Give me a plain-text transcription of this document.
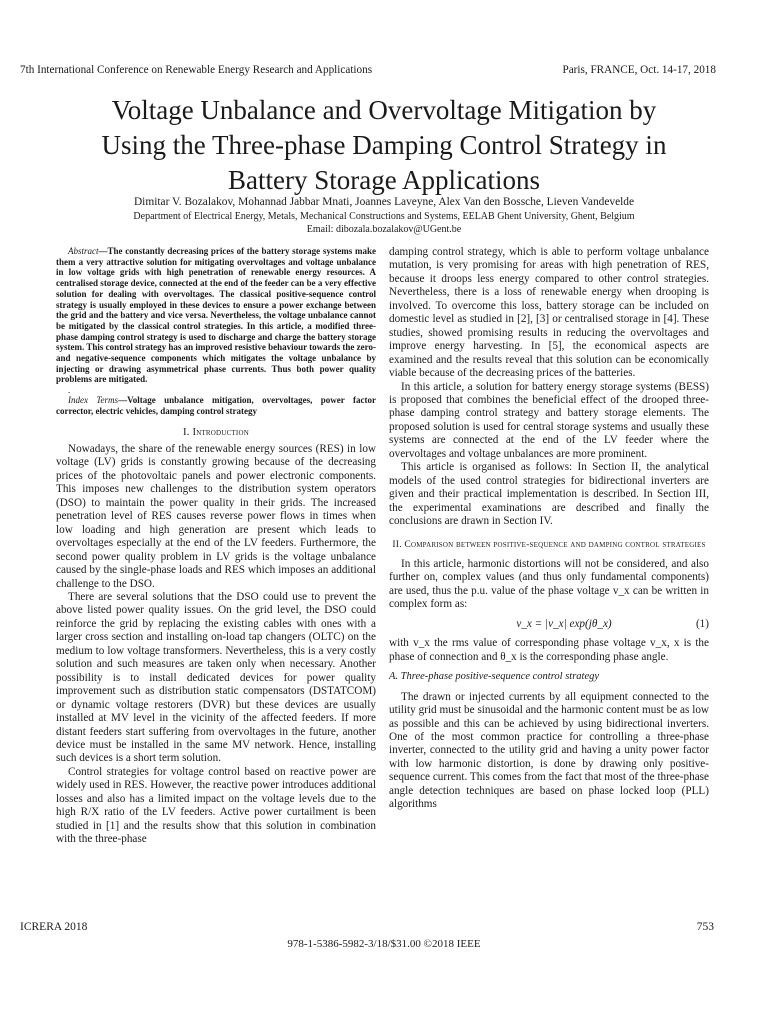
7th International Conference on Renewable Energy Research and Applications	Paris, FRANCE, Oct. 14-17, 2018
Voltage Unbalance and Overvoltage Mitigation by
Using the Three-phase Damping Control Strategy in
Battery Storage Applications
Dimitar V. Bozalakov, Mohannad Jabbar Mnati, Joannes Laveyne, Alex Van den Bossche, Lieven Vandevelde
Department of Electrical Energy, Metals, Mechanical Constructions and Systems, EELAB Ghent University, Ghent, Belgium
Email: dibozala.bozalakov@UGent.be

Abstract—The constantly decreasing prices of the battery storage systems make them a very attractive solution for mitigating overvoltages and voltage unbalance in low voltage grids with high penetration of renewable energy resources. A centralised storage device, connected at the end of the feeder can be a very effective solution for dealing with overvoltages. The classical positive-sequence control strategy is usually employed in these devices to ensure a power exchange between the grid and the battery and vice versa. Nevertheless, the voltage unbalance cannot be mitigated by the classical control strategies. In this article, a modified three-phase damping control strategy is used to discharge and charge the battery storage system. This control strategy has an improved resistive behaviour towards the zero- and negative-sequence components which mitigates the voltage unbalance by injecting or drawing asymmetrical phase currents. Thus both power quality problems are mitigated.

.

Index Terms—Voltage unbalance mitigation, overvoltages, power factor corrector, electric vehicles, damping control strategy

I. Introduction

Nowadays, the share of the renewable energy sources (RES) in low voltage (LV) grids is constantly growing because of the decreasing prices of the photovoltaic panels and power electronic components. This imposes new challenges to the distribution system operators (DSO) to maintain the power quality in their grids. The increased penetration level of RES causes reverse power flows in times when low loading and high generation are present which leads to overvoltages especially at the end of the LV feeders. Furthermore, the second power quality problem in LV grids is the voltage unbalance caused by the single-phase loads and RES which imposes an additional challenge to the DSO.

There are several solutions that the DSO could use to prevent the above listed power quality issues. On the grid level, the DSO could reinforce the grid by replacing the existing cables with ones with a larger cross section and installing on-load tap changers (OLTC) on the medium to low voltage transformers. Nevertheless, this is a very costly solution and such measures are taken only when necessary. Another possibility is to install dedicated devices for power quality improvement such as distribution static compensators (DSTATCOM) or dynamic voltage restorers (DVR) but these devices are usually installed at MV level in the vicinity of the affected feeders. If more distant feeders start suffering from overvoltages in the future, another device must be installed in the same MV network. Hence, installing such devices is a short term solution.

Control strategies for voltage control based on reactive power are widely used in RES. However, the reactive power introduces additional losses and also has a limited impact on the voltage levels due to the high R/X ratio of the LV feeders. Active power curtailment is been studied in [1] and the results show that this solution in combination with the three-phase

damping control strategy, which is able to perform voltage unbalance mutation, is very promising for areas with high penetration of RES, because it droops less energy compared to other control strategies. Nevertheless, there is a loss of renewable energy when drooping is involved. To overcome this loss, battery storage can be included on domestic level as studied in [2], [3] or centralised storage in [4]. These studies, showed promising results in reducing the overvoltages and improve energy harvesting. In [5], the economical aspects are examined and the results reveal that this solution can be economically viable because of the decreasing prices of the batteries.

In this article, a solution for battery energy storage systems (BESS) is proposed that combines the beneficial effect of the drooped three-phase damping control strategy and battery storage elements. The proposed solution is used for central storage systems and usually these systems are connected at the end of the LV feeder where the overvoltages and voltage unbalances are more prominent.

This article is organised as follows: In Section II, the analytical models of the used control strategies for bidirectional inverters are given and their practical implementation is described. In Section III, the experimental examinations are described and finally the conclusions are drawn in Section IV.

II. Comparison between positive-sequence and damping control strategies

In this article, harmonic distortions will not be considered, and also further on, complex values (and thus only fundamental components) are used, thus the p.u. value of the phase voltage v_x can be written in complex form as:

v_x = |v_x| exp(jθ_x)	(1)

with v_x the rms value of corresponding phase voltage v_x, x is the phase of connection and θ_x is the corresponding phase angle.

A. Three-phase positive-sequence control strategy

The drawn or injected currents by all equipment connected to the utility grid must be sinusoidal and the harmonic content must be as low as possible and this can be achieved by using bidirectional inverters. One of the most common practice for controlling a three-phase inverter, connected to the utility grid and having a unity power factor with low harmonic distortion, is done by drawing only positive-sequence current. This comes from the fact that most of the three-phase angle detection techniques are based on phase locked loop (PLL) algorithms

ICRERA 2018	753
978-1-5386-5982-3/18/$31.00 ©2018 IEEE
